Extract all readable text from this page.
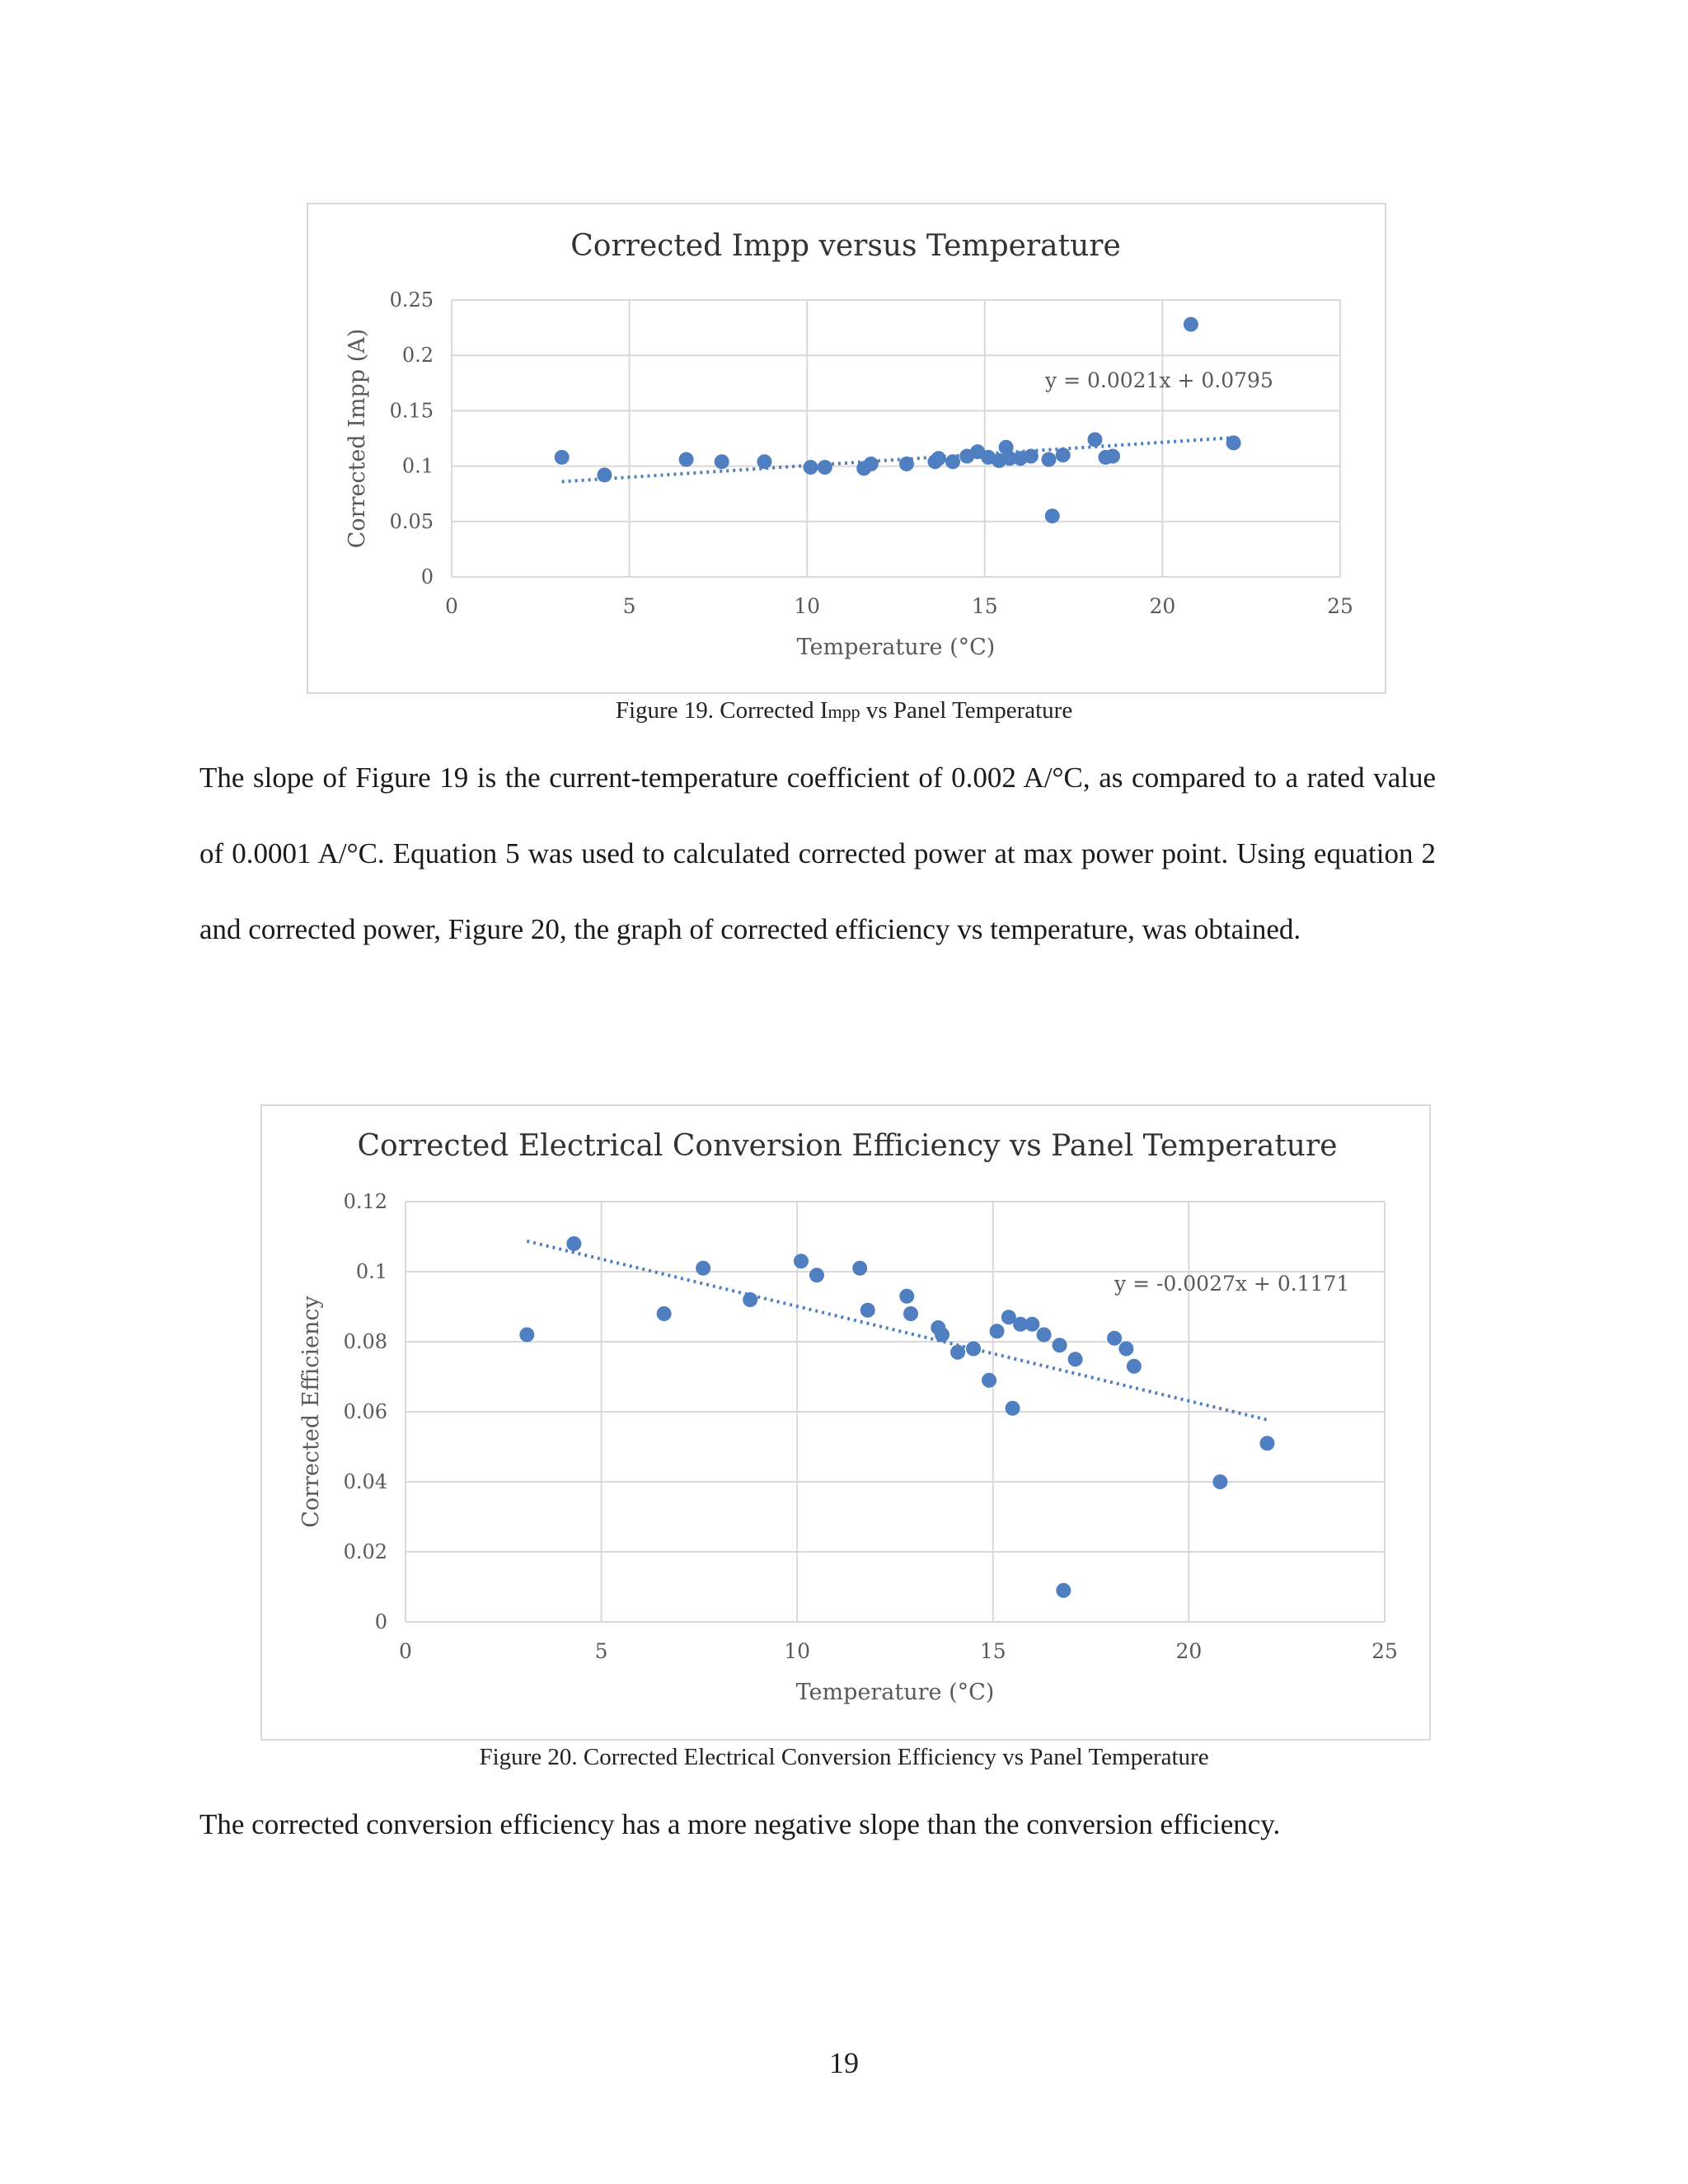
Corrected Impp versus Temperature
0
0.05
0.1
0.15
0.2
0.25
0	5	10	15	20	25
Temperature (°C)
Corrected Impp (A)	y = 0.0021x + 0.0795
Figure 19. Corrected Impp vs Panel Temperature
The slope of Figure 19 is the current-temperature coefficient of 0.002 A/°C, as compared to a rated value of 0.0001 A/°C. Equation 5 was used to calculated corrected power at max power point. Using equation 2 and corrected power, Figure 20, the graph of corrected efficiency vs temperature, was obtained.
Corrected Electrical Conversion Efficiency vs Panel Temperature
0
0.02
0.04
0.06
0.08
0.1
0.12
0	5	10	15	20	25
Temperature (°C)
Corrected Efficiency
y = -0.0027x + 0.1171
Figure 20. Corrected Electrical Conversion Efficiency vs Panel Temperature
The corrected conversion efficiency has a more negative slope than the conversion efficiency.
19
